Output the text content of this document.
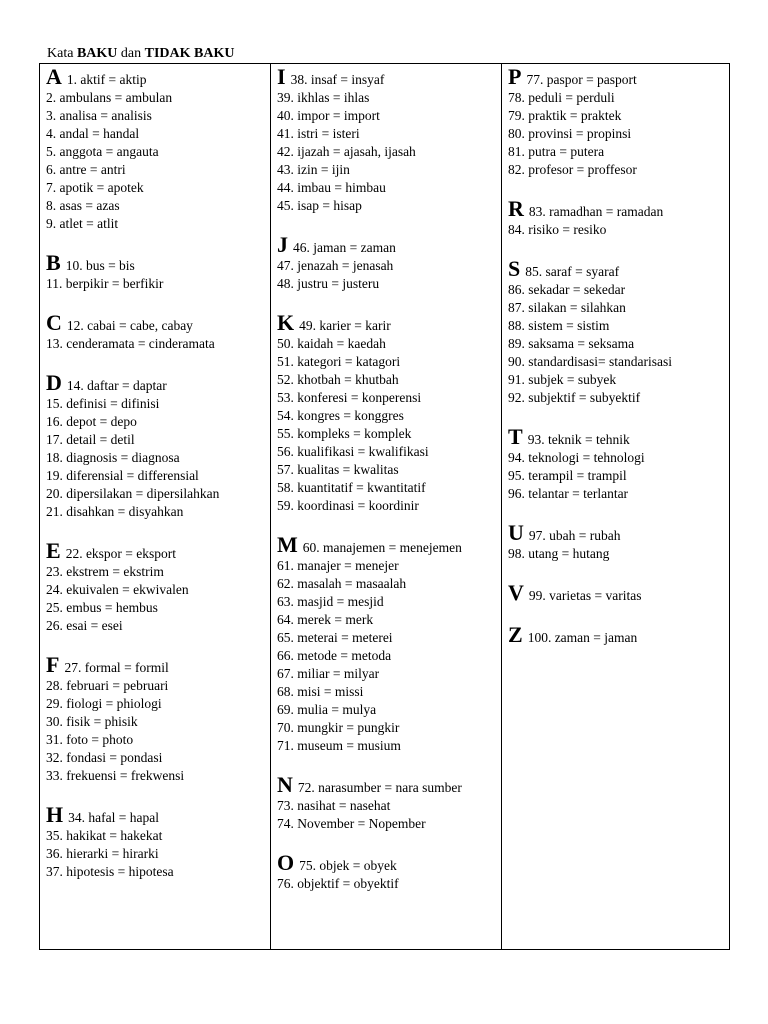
Kata BAKU dan TIDAK BAKU
A 1. aktif = aktip
2. ambulans = ambulan
3. analisa = analisis
4. andal = handal
5. anggota = angauta
6. antre = antri
7. apotik = apotek
8. asas = azas
9. atlet = atlit
B 10. bus = bis
11. berpikir = berfikir
C 12. cabai = cabe, cabay
13. cenderamata = cinderamata
D 14. daftar = daptar
15. definisi = difinisi
16. depot = depo
17. detail = detil
18. diagnosis = diagnosa
19. diferensial = differensial
20. dipersilakan = dipersilahkan
21. disahkan = disyahkan
E 22. ekspor = eksport
23. ekstrem = ekstrim
24. ekuivalen = ekwivalen
25. embus = hembus
26. esai = esei
F 27. formal = formil
28. februari = pebruari
29. fiologi = phiologi
30. fisik = phisik
31. foto = photo
32. fondasi = pondasi
33. frekuensi = frekwensi
H 34. hafal = hapal
35. hakikat = hakekat
36. hierarki = hirarki
37. hipotesis = hipotesa
I 38. insaf = insyaf
39. ikhlas = ihlas
40. impor = import
41. istri = isteri
42. ijazah = ajasah, ijasah
43. izin = ijin
44. imbau = himbau
45. isap = hisap
J 46. jaman = zaman
47. jenazah = jenasah
48. justru = justeru
K 49. karier = karir
50. kaidah = kaedah
51. kategori = katagori
52. khotbah = khutbah
53. konferesi = konperensi
54. kongres = konggres
55. kompleks = komplek
56. kualifikasi = kwalifikasi
57. kualitas = kwalitas
58. kuantitatif = kwantitatif
59. koordinasi = koordinir
M 60. manajemen = menejemen
61. manajer = menejer
62. masalah = masaalah
63. masjid = mesjid
64. merek = merk
65. meterai = meterei
66. metode = metoda
67. miliar = milyar
68. misi = missi
69. mulia = mulya
70. mungkir = pungkir
71. museum = musium
N 72. narasumber = nara sumber
73. nasihat = nasehat
74. November = Nopember
O 75. objek = obyek
76. objektif = obyektif
P 77. paspor = pasport
78. peduli = perduli
79. praktik = praktek
80. provinsi = propinsi
81. putra = putera
82. profesor = proffesor
R 83. ramadhan = ramadan
84. risiko = resiko
S 85. saraf = syaraf
86. sekadar = sekedar
87. silakan = silahkan
88. sistem = sistim
89. saksama = seksama
90. standardisasi= standarisasi
91. subjek = subyek
92. subjektif = subyektif
T 93. teknik = tehnik
94. teknologi = tehnologi
95. terampil = trampil
96. telantar = terlantar
U 97. ubah = rubah
98. utang = hutang
V 99. varietas = varitas
Z 100. zaman = jaman
